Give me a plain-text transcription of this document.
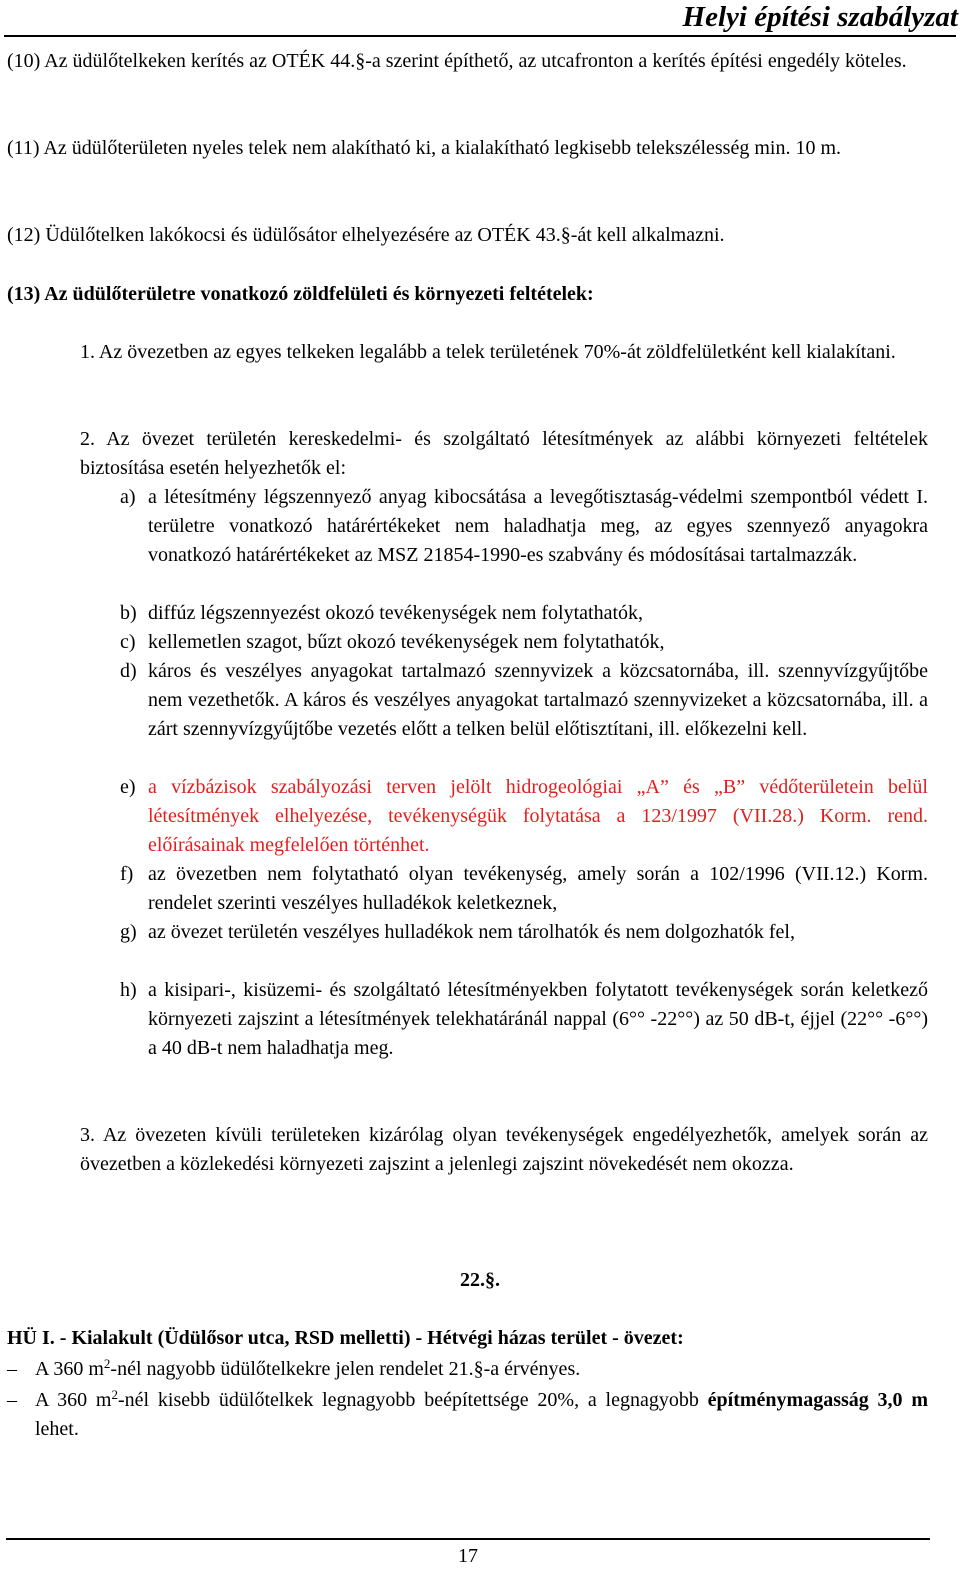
Helyi építési szabályzat
(10) Az üdülőtelkeken kerítés az OTÉK 44.§-a szerint építhető, az utcafronton a kerítés építési engedély köteles.
(11) Az üdülőterületen nyeles telek nem alakítható ki, a kialakítható legkisebb telekszélesség min. 10 m.
(12) Üdülőtelken lakókocsi és üdülősátor elhelyezésére az OTÉK 43.§-át kell alkalmazni.
(13) Az üdülőterületre vonatkozó zöldfelületi és környezeti feltételek:
1. Az övezetben az egyes telkeken legalább a telek területének 70%-át zöldfelületként kell kialakítani.
2. Az övezet területén kereskedelmi- és szolgáltató létesítmények az alábbi környezeti feltételek biztosítása esetén helyezhetők el:
a) a létesítmény légszennyező anyag kibocsátása a levegőtisztaság-védelmi szempontból védett I. területre vonatkozó határértékeket nem haladhatja meg, az egyes szennyező anyagokra vonatkozó határértékeket az MSZ 21854-1990-es szabvány és módosításai tartalmazzák.
b) diffúz légszennyezést okozó tevékenységek nem folytathatók,
c) kellemetlen szagot, bűzt okozó tevékenységek nem folytathatók,
d) káros és veszélyes anyagokat tartalmazó szennyvizek a közcsatornába, ill. szennyvízgyűjtőbe nem vezethetők. A káros és veszélyes anyagokat tartalmazó szennyvizeket a közcsatornába, ill. a zárt szennyvízgyűjtőbe vezetés előtt a telken belül előtisztítani, ill. előkezelni kell.
e) a vízbázisok szabályozási terven jelölt hidrogeológiai „A” és „B” védőterületein belül létesítmények elhelyezése, tevékenységük folytatása a 123/1997 (VII.28.) Korm. rend. előírásainak megfelelően történhet.
f) az övezetben nem folytatható olyan tevékenység, amely során a 102/1996 (VII.12.) Korm. rendelet szerinti veszélyes hulladékok keletkeznek,
g) az övezet területén veszélyes hulladékok nem tárolhatók és nem dolgozhatók fel,
h) a kisipari-, kisüzemi- és szolgáltató létesítményekben folytatott tevékenységek során keletkező környezeti zajszint a létesítmények telekhatáránál nappal (6°° -22°°) az 50 dB-t, éjjel (22°° -6°°) a 40 dB-t nem haladhatja meg.
3. Az övezeten kívüli területeken kizárólag olyan tevékenységek engedélyezhetők, amelyek során az övezetben a közlekedési környezeti zajszint a jelenlegi zajszint növekedését nem okozza.
22.§.
HÜ I. - Kialakult (Üdülősor utca, RSD melletti) - Hétvégi házas terület - övezet:
– A 360 $m^2$-nél nagyobb üdülőtelkekre jelen rendelet 21.§-a érvényes.
– A 360 $m^2$-nél kisebb üdülőtelkek legnagyobb beépítettsége 20%, a legnagyobb építménymagasság 3,0 m lehet.
17
